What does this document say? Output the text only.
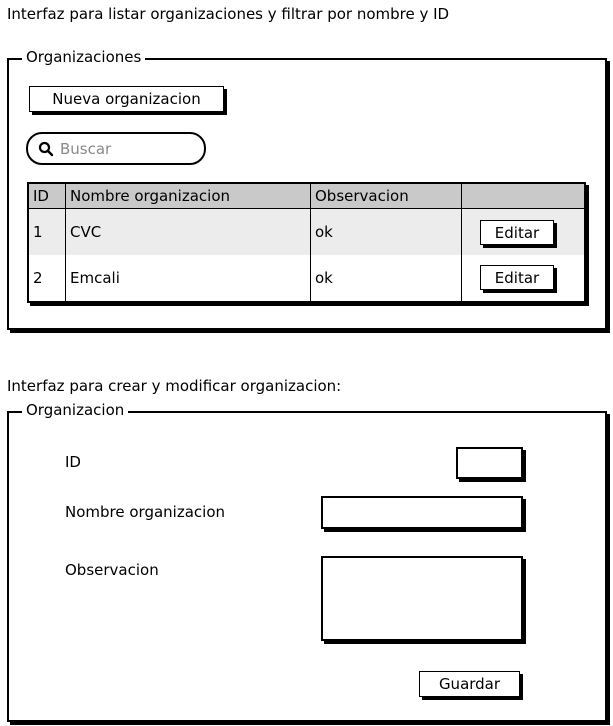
Interfaz para listar organizaciones y filtrar por nombre y ID
Organizaciones
Nueva organizacion
Buscar
ID	Nombre organizacion	Observacion	
1	CVC	ok	Editar

2	Emcali	ok	Editar
Interfaz para crear y modificar organizacion:
Organizacion
ID
Nombre organizacion
Observacion
Guardar
